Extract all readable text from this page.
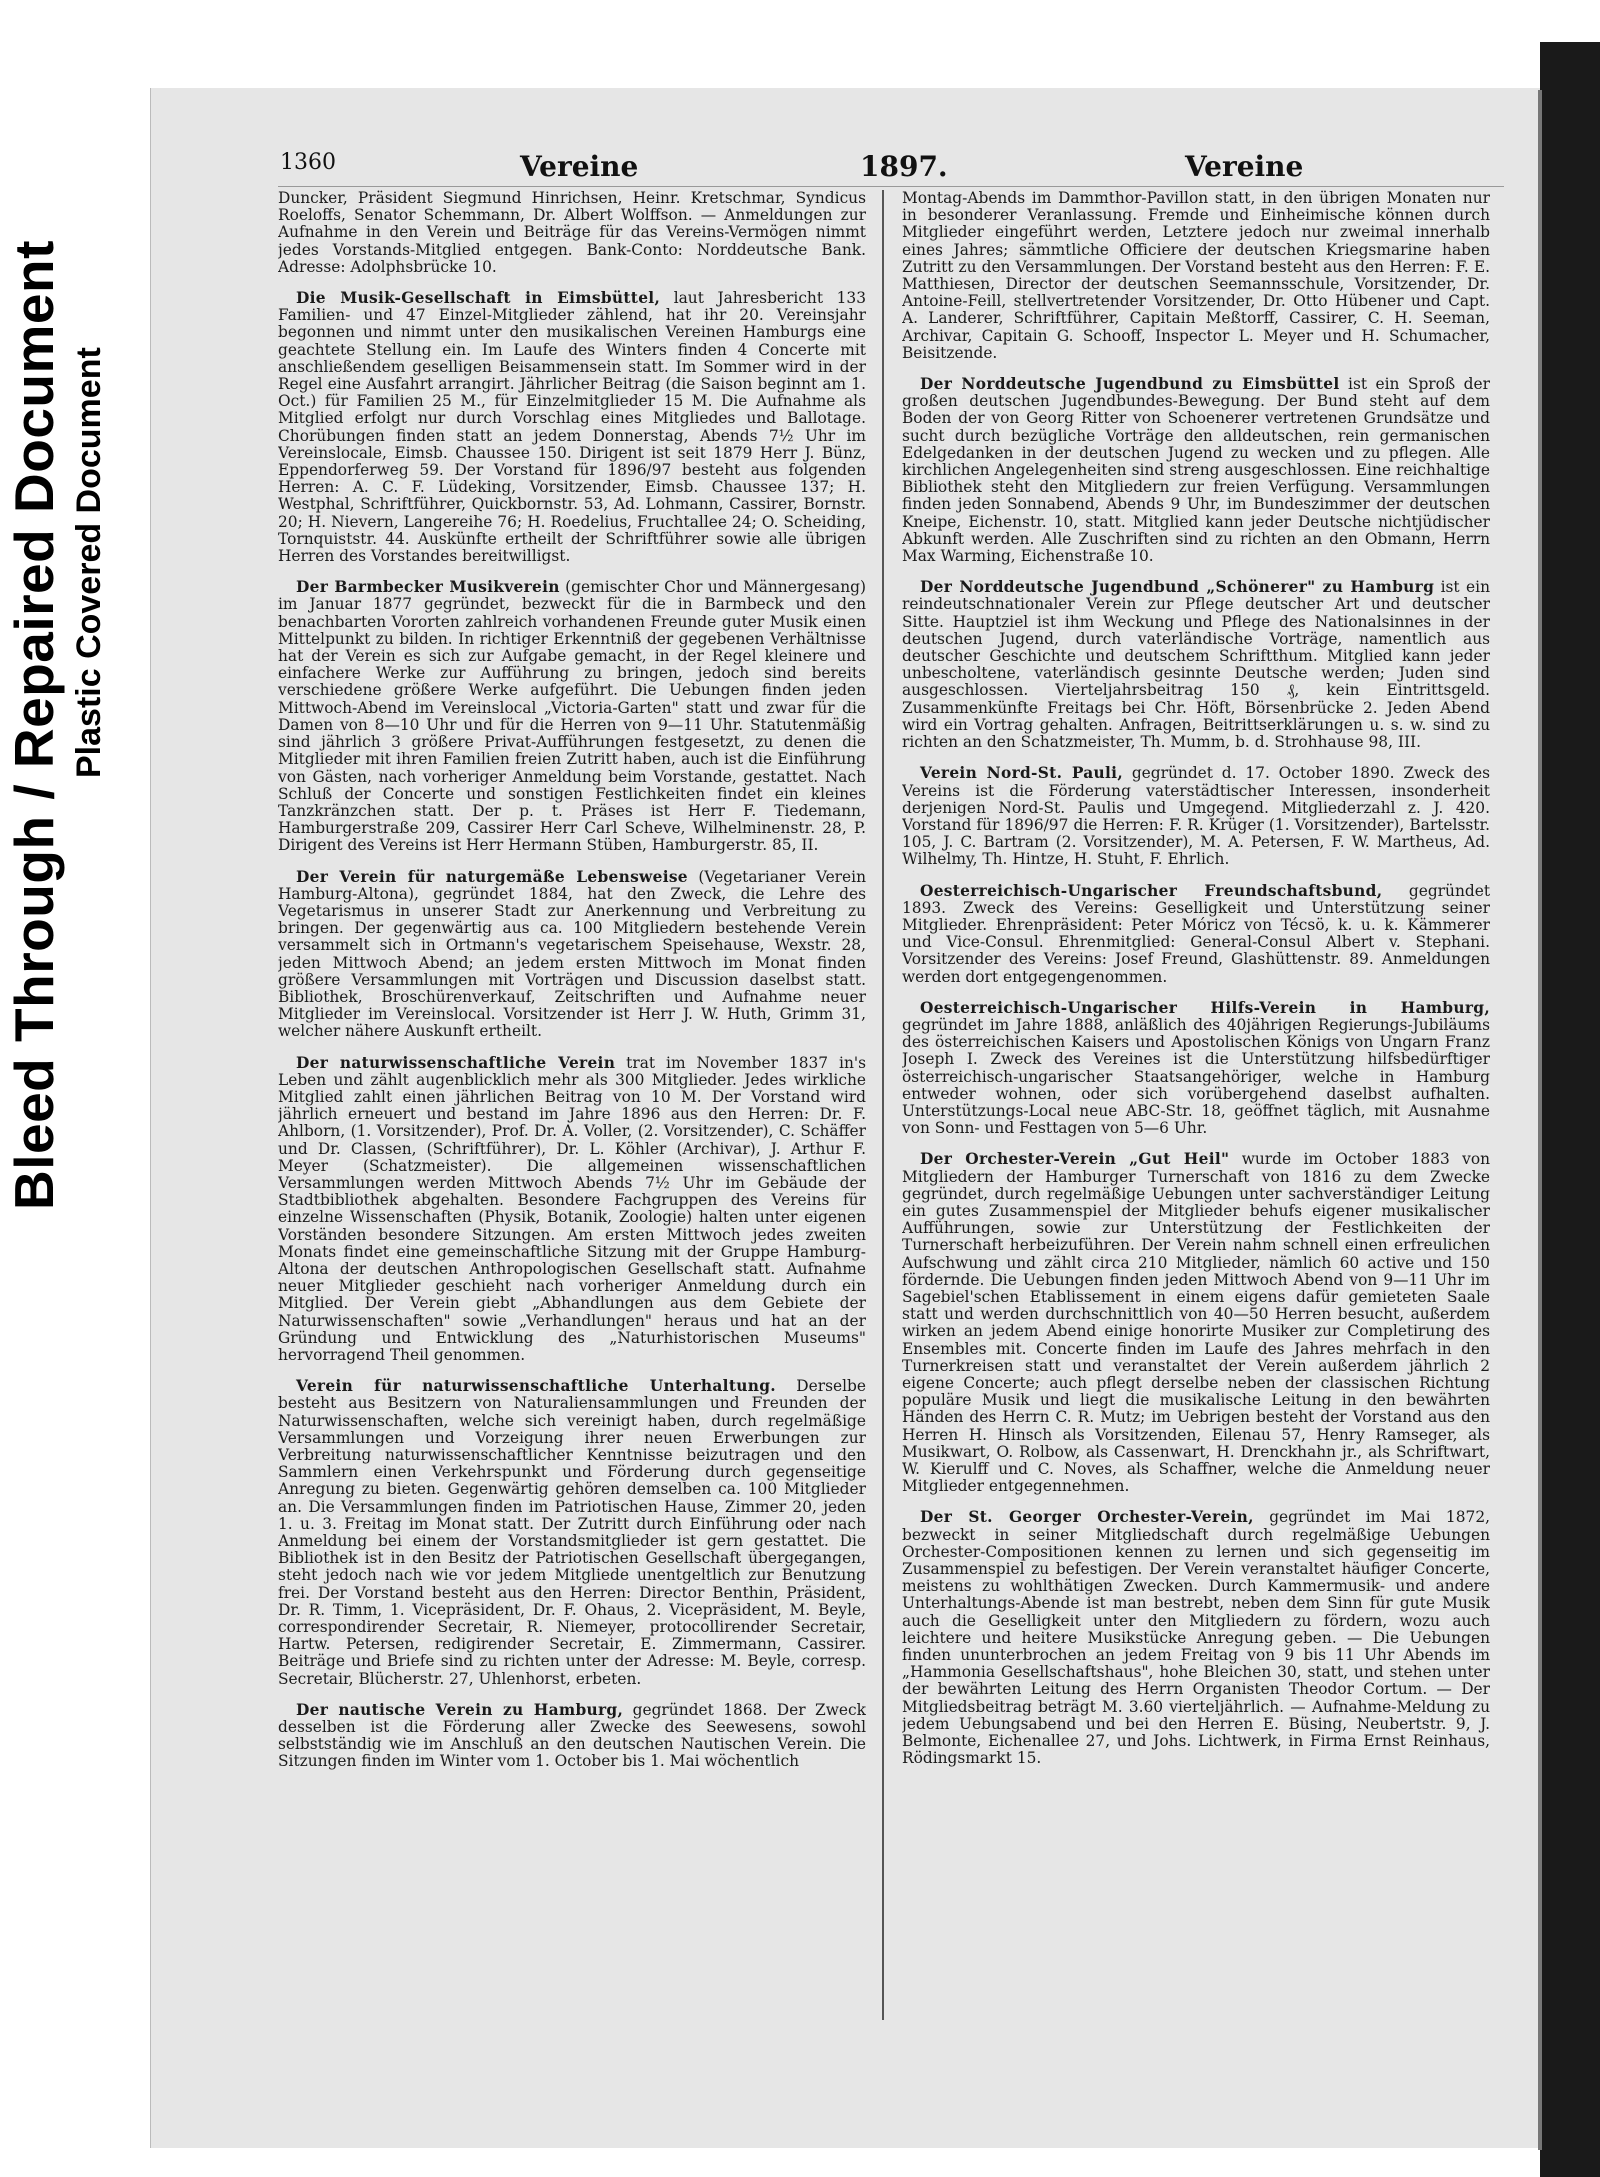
Bleed Through / Repaired Document Plastic Covered Document
1360	Vereine	1897.	Vereine

Duncker, Präsident Siegmund Hinrichsen, Heinr. Kretschmar, Syndicus Roeloffs, Senator Schemmann, Dr. Albert Wolffson. — Anmeldungen zur Aufnahme in den Verein und Beiträge für das Vereins-Vermögen nimmt jedes Vorstands-Mitglied entgegen. Bank-Conto: Norddeutsche Bank. Adresse: Adolphsbrücke 10.

Die Musik-Gesellschaft in Eimsbüttel, laut Jahresbericht 133 Familien- und 47 Einzel-Mitglieder zählend, hat ihr 20. Vereinsjahr begonnen und nimmt unter den musikalischen Vereinen Hamburgs eine geachtete Stellung ein. Im Laufe des Winters finden 4 Concerte mit anschließendem geselligen Beisammensein statt. Im Sommer wird in der Regel eine Ausfahrt arrangirt. Jährlicher Beitrag (die Saison beginnt am 1. Oct.) für Familien 25 M., für Einzelmitglieder 15 M. Die Aufnahme als Mitglied erfolgt nur durch Vorschlag eines Mitgliedes und Ballotage. Chorübungen finden statt an jedem Donnerstag, Abends 7½ Uhr im Vereinslocale, Eimsb. Chaussee 150. Dirigent ist seit 1879 Herr J. Bünz, Eppendorferweg 59. Der Vorstand für 1896/97 besteht aus folgenden Herren: A. C. F. Lüdeking, Vorsitzender, Eimsb. Chaussee 137; H. Westphal, Schriftführer, Quickbornstr. 53, Ad. Lohmann, Cassirer, Bornstr. 20; H. Nievern, Langereihe 76; H. Roedelius, Fruchtallee 24; O. Scheiding, Tornquiststr. 44. Auskünfte ertheilt der Schriftführer sowie alle übrigen Herren des Vorstandes bereitwilligst.

Der Barmbecker Musikverein (gemischter Chor und Männergesang) im Januar 1877 gegründet, bezweckt für die in Barmbeck und den benachbarten Vororten zahlreich vorhandenen Freunde guter Musik einen Mittelpunkt zu bilden. In richtiger Erkenntniß der gegebenen Verhältnisse hat der Verein es sich zur Aufgabe gemacht, in der Regel kleinere und einfachere Werke zur Aufführung zu bringen, jedoch sind bereits verschiedene größere Werke aufgeführt. Die Uebungen finden jeden Mittwoch-Abend im Vereinslocal „Victoria-Garten" statt und zwar für die Damen von 8—10 Uhr und für die Herren von 9—11 Uhr. Statutenmäßig sind jährlich 3 größere Privat-Aufführungen festgesetzt, zu denen die Mitglieder mit ihren Familien freien Zutritt haben, auch ist die Einführung von Gästen, nach vorheriger Anmeldung beim Vorstande, gestattet. Nach Schluß der Concerte und sonstigen Festlichkeiten findet ein kleines Tanzkränzchen statt. Der p. t. Präses ist Herr F. Tiedemann, Hamburgerstraße 209, Cassirer Herr Carl Scheve, Wilhelminenstr. 28, P. Dirigent des Vereins ist Herr Hermann Stüben, Hamburgerstr. 85, II.

Der Verein für naturgemäße Lebensweise (Vegetarianer Verein Hamburg-Altona), gegründet 1884, hat den Zweck, die Lehre des Vegetarismus in unserer Stadt zur Anerkennung und Verbreitung zu bringen. Der gegenwärtig aus ca. 100 Mitgliedern bestehende Verein versammelt sich in Ortmann's vegetarischem Speisehause, Wexstr. 28, jeden Mittwoch Abend; an jedem ersten Mittwoch im Monat finden größere Versammlungen mit Vorträgen und Discussion daselbst statt. Bibliothek, Broschürenverkauf, Zeitschriften und Aufnahme neuer Mitglieder im Vereinslocal. Vorsitzender ist Herr J. W. Huth, Grimm 31, welcher nähere Auskunft ertheilt.

Der naturwissenschaftliche Verein trat im November 1837 in's Leben und zählt augenblicklich mehr als 300 Mitglieder. Jedes wirkliche Mitglied zahlt einen jährlichen Beitrag von 10 M. Der Vorstand wird jährlich erneuert und bestand im Jahre 1896 aus den Herren: Dr. F. Ahlborn, (1. Vorsitzender), Prof. Dr. A. Voller, (2. Vorsitzender), C. Schäffer und Dr. Classen, (Schriftführer), Dr. L. Köhler (Archivar), J. Arthur F. Meyer (Schatzmeister). Die allgemeinen wissenschaftlichen Versammlungen werden Mittwoch Abends 7½ Uhr im Gebäude der Stadtbibliothek abgehalten. Besondere Fachgruppen des Vereins für einzelne Wissenschaften (Physik, Botanik, Zoologie) halten unter eigenen Vorständen besondere Sitzungen. Am ersten Mittwoch jedes zweiten Monats findet eine gemeinschaftliche Sitzung mit der Gruppe Hamburg-Altona der deutschen Anthropologischen Gesellschaft statt. Aufnahme neuer Mitglieder geschieht nach vorheriger Anmeldung durch ein Mitglied. Der Verein giebt „Abhandlungen aus dem Gebiete der Naturwissenschaften" sowie „Verhandlungen" heraus und hat an der Gründung und Entwicklung des „Naturhistorischen Museums" hervorragend Theil genommen.

Verein für naturwissenschaftliche Unterhaltung. Derselbe besteht aus Besitzern von Naturaliensammlungen und Freunden der Naturwissenschaften, welche sich vereinigt haben, durch regelmäßige Versammlungen und Vorzeigung ihrer neuen Erwerbungen zur Verbreitung naturwissenschaftlicher Kenntnisse beizutragen und den Sammlern einen Verkehrspunkt und Förderung durch gegenseitige Anregung zu bieten. Gegenwärtig gehören demselben ca. 100 Mitglieder an. Die Versammlungen finden im Patriotischen Hause, Zimmer 20, jeden 1. u. 3. Freitag im Monat statt. Der Zutritt durch Einführung oder nach Anmeldung bei einem der Vorstandsmitglieder ist gern gestattet. Die Bibliothek ist in den Besitz der Patriotischen Gesellschaft übergegangen, steht jedoch nach wie vor jedem Mitgliede unentgeltlich zur Benutzung frei. Der Vorstand besteht aus den Herren: Director Benthin, Präsident, Dr. R. Timm, 1. Vicepräsident, Dr. F. Ohaus, 2. Vicepräsident, M. Beyle, correspondirender Secretair, R. Niemeyer, protocollirender Secretair, Hartw. Petersen, redigirender Secretair, E. Zimmermann, Cassirer. Beiträge und Briefe sind zu richten unter der Adresse: M. Beyle, corresp. Secretair, Blücherstr. 27, Uhlenhorst, erbeten.

Der nautische Verein zu Hamburg, gegründet 1868. Der Zweck desselben ist die Förderung aller Zwecke des Seewesens, sowohl selbstständig wie im Anschluß an den deutschen Nautischen Verein. Die Sitzungen finden im Winter vom 1. October bis 1. Mai wöchentlich

Montag-Abends im Dammthor-Pavillon statt, in den übrigen Monaten nur in besonderer Veranlassung. Fremde und Einheimische können durch Mitglieder eingeführt werden, Letztere jedoch nur zweimal innerhalb eines Jahres; sämmtliche Officiere der deutschen Kriegsmarine haben Zutritt zu den Versammlungen. Der Vorstand besteht aus den Herren: F. E. Matthiesen, Director der deutschen Seemannsschule, Vorsitzender, Dr. Antoine-Feill, stellvertretender Vorsitzender, Dr. Otto Hübener und Capt. A. Landerer, Schriftführer, Capitain Meßtorff, Cassirer, C. H. Seeman, Archivar, Capitain G. Schooff, Inspector L. Meyer und H. Schumacher, Beisitzende.

Der Norddeutsche Jugendbund zu Eimsbüttel ist ein Sproß der großen deutschen Jugendbundes-Bewegung. Der Bund steht auf dem Boden der von Georg Ritter von Schoenerer vertretenen Grundsätze und sucht durch bezügliche Vorträge den alldeutschen, rein germanischen Edelgedanken in der deutschen Jugend zu wecken und zu pflegen. Alle kirchlichen Angelegenheiten sind streng ausgeschlossen. Eine reichhaltige Bibliothek steht den Mitgliedern zur freien Verfügung. Versammlungen finden jeden Sonnabend, Abends 9 Uhr, im Bundeszimmer der deutschen Kneipe, Eichenstr. 10, statt. Mitglied kann jeder Deutsche nichtjüdischer Abkunft werden. Alle Zuschriften sind zu richten an den Obmann, Herrn Max Warming, Eichenstraße 10.

Der Norddeutsche Jugendbund „Schönerer" zu Hamburg ist ein reindeutschnationaler Verein zur Pflege deutscher Art und deutscher Sitte. Hauptziel ist ihm Weckung und Pflege des Nationalsinnes in der deutschen Jugend, durch vaterländische Vorträge, namentlich aus deutscher Geschichte und deutschem Schriftthum. Mitglied kann jeder unbescholtene, vaterländisch gesinnte Deutsche werden; Juden sind ausgeschlossen. Vierteljahrsbeitrag 150 ₰, kein Eintrittsgeld. Zusammenkünfte Freitags bei Chr. Höft, Börsenbrücke 2. Jeden Abend wird ein Vortrag gehalten. Anfragen, Beitrittserklärungen u. s. w. sind zu richten an den Schatzmeister, Th. Mumm, b. d. Strohhause 98, III.

Verein Nord-St. Pauli, gegründet d. 17. October 1890. Zweck des Vereins ist die Förderung vaterstädtischer Interessen, insonderheit derjenigen Nord-St. Paulis und Umgegend. Mitgliederzahl z. J. 420. Vorstand für 1896/97 die Herren: F. R. Krüger (1. Vorsitzender), Bartelsstr. 105, J. C. Bartram (2. Vorsitzender), M. A. Petersen, F. W. Martheus, Ad. Wilhelmy, Th. Hintze, H. Stuht, F. Ehrlich.

Oesterreichisch-Ungarischer Freundschaftsbund, gegründet 1893. Zweck des Vereins: Geselligkeit und Unterstützung seiner Mitglieder. Ehrenpräsident: Peter Móricz von Técsö, k. u. k. Kämmerer und Vice-Consul. Ehrenmitglied: General-Consul Albert v. Stephani. Vorsitzender des Vereins: Josef Freund, Glashüttenstr. 89. Anmeldungen werden dort entgegengenommen.

Oesterreichisch-Ungarischer Hilfs-Verein in Hamburg, gegründet im Jahre 1888, anläßlich des 40jährigen Regierungs-Jubiläums des österreichischen Kaisers und Apostolischen Königs von Ungarn Franz Joseph I. Zweck des Vereines ist die Unterstützung hilfsbedürftiger österreichisch-ungarischer Staatsangehöriger, welche in Hamburg entweder wohnen, oder sich vorübergehend daselbst aufhalten. Unterstützungs-Local neue ABC-Str. 18, geöffnet täglich, mit Ausnahme von Sonn- und Festtagen von 5—6 Uhr.

Der Orchester-Verein „Gut Heil" wurde im October 1883 von Mitgliedern der Hamburger Turnerschaft von 1816 zu dem Zwecke gegründet, durch regelmäßige Uebungen unter sachverständiger Leitung ein gutes Zusammenspiel der Mitglieder behufs eigener musikalischer Aufführungen, sowie zur Unterstützung der Festlichkeiten der Turnerschaft herbeizuführen. Der Verein nahm schnell einen erfreulichen Aufschwung und zählt circa 210 Mitglieder, nämlich 60 active und 150 fördernde. Die Uebungen finden jeden Mittwoch Abend von 9—11 Uhr im Sagebiel'schen Etablissement in einem eigens dafür gemieteten Saale statt und werden durchschnittlich von 40—50 Herren besucht, außerdem wirken an jedem Abend einige honorirte Musiker zur Completirung des Ensembles mit. Concerte finden im Laufe des Jahres mehrfach in den Turnerkreisen statt und veranstaltet der Verein außerdem jährlich 2 eigene Concerte; auch pflegt derselbe neben der classischen Richtung populäre Musik und liegt die musikalische Leitung in den bewährten Händen des Herrn C. R. Mutz; im Uebrigen besteht der Vorstand aus den Herren H. Hinsch als Vorsitzenden, Eilenau 57, Henry Ramseger, als Musikwart, O. Rolbow, als Cassenwart, H. Drenckhahn jr., als Schriftwart, W. Kierulff und C. Noves, als Schaffner, welche die Anmeldung neuer Mitglieder entgegennehmen.

Der St. Georger Orchester-Verein, gegründet im Mai 1872, bezweckt in seiner Mitgliedschaft durch regelmäßige Uebungen Orchester-Compositionen kennen zu lernen und sich gegenseitig im Zusammenspiel zu befestigen. Der Verein veranstaltet häufiger Concerte, meistens zu wohlthätigen Zwecken. Durch Kammermusik- und andere Unterhaltungs-Abende ist man bestrebt, neben dem Sinn für gute Musik auch die Geselligkeit unter den Mitgliedern zu fördern, wozu auch leichtere und heitere Musikstücke Anregung geben. — Die Uebungen finden ununterbrochen an jedem Freitag von 9 bis 11 Uhr Abends im „Hammonia Gesellschaftshaus", hohe Bleichen 30, statt, und stehen unter der bewährten Leitung des Herrn Organisten Theodor Cortum. — Der Mitgliedsbeitrag beträgt M. 3.60 vierteljährlich. — Aufnahme-Meldung zu jedem Uebungsabend und bei den Herren E. Büsing, Neubertstr. 9, J. Belmonte, Eichenallee 27, und Johs. Lichtwerk, in Firma Ernst Reinhaus, Rödingsmarkt 15.
